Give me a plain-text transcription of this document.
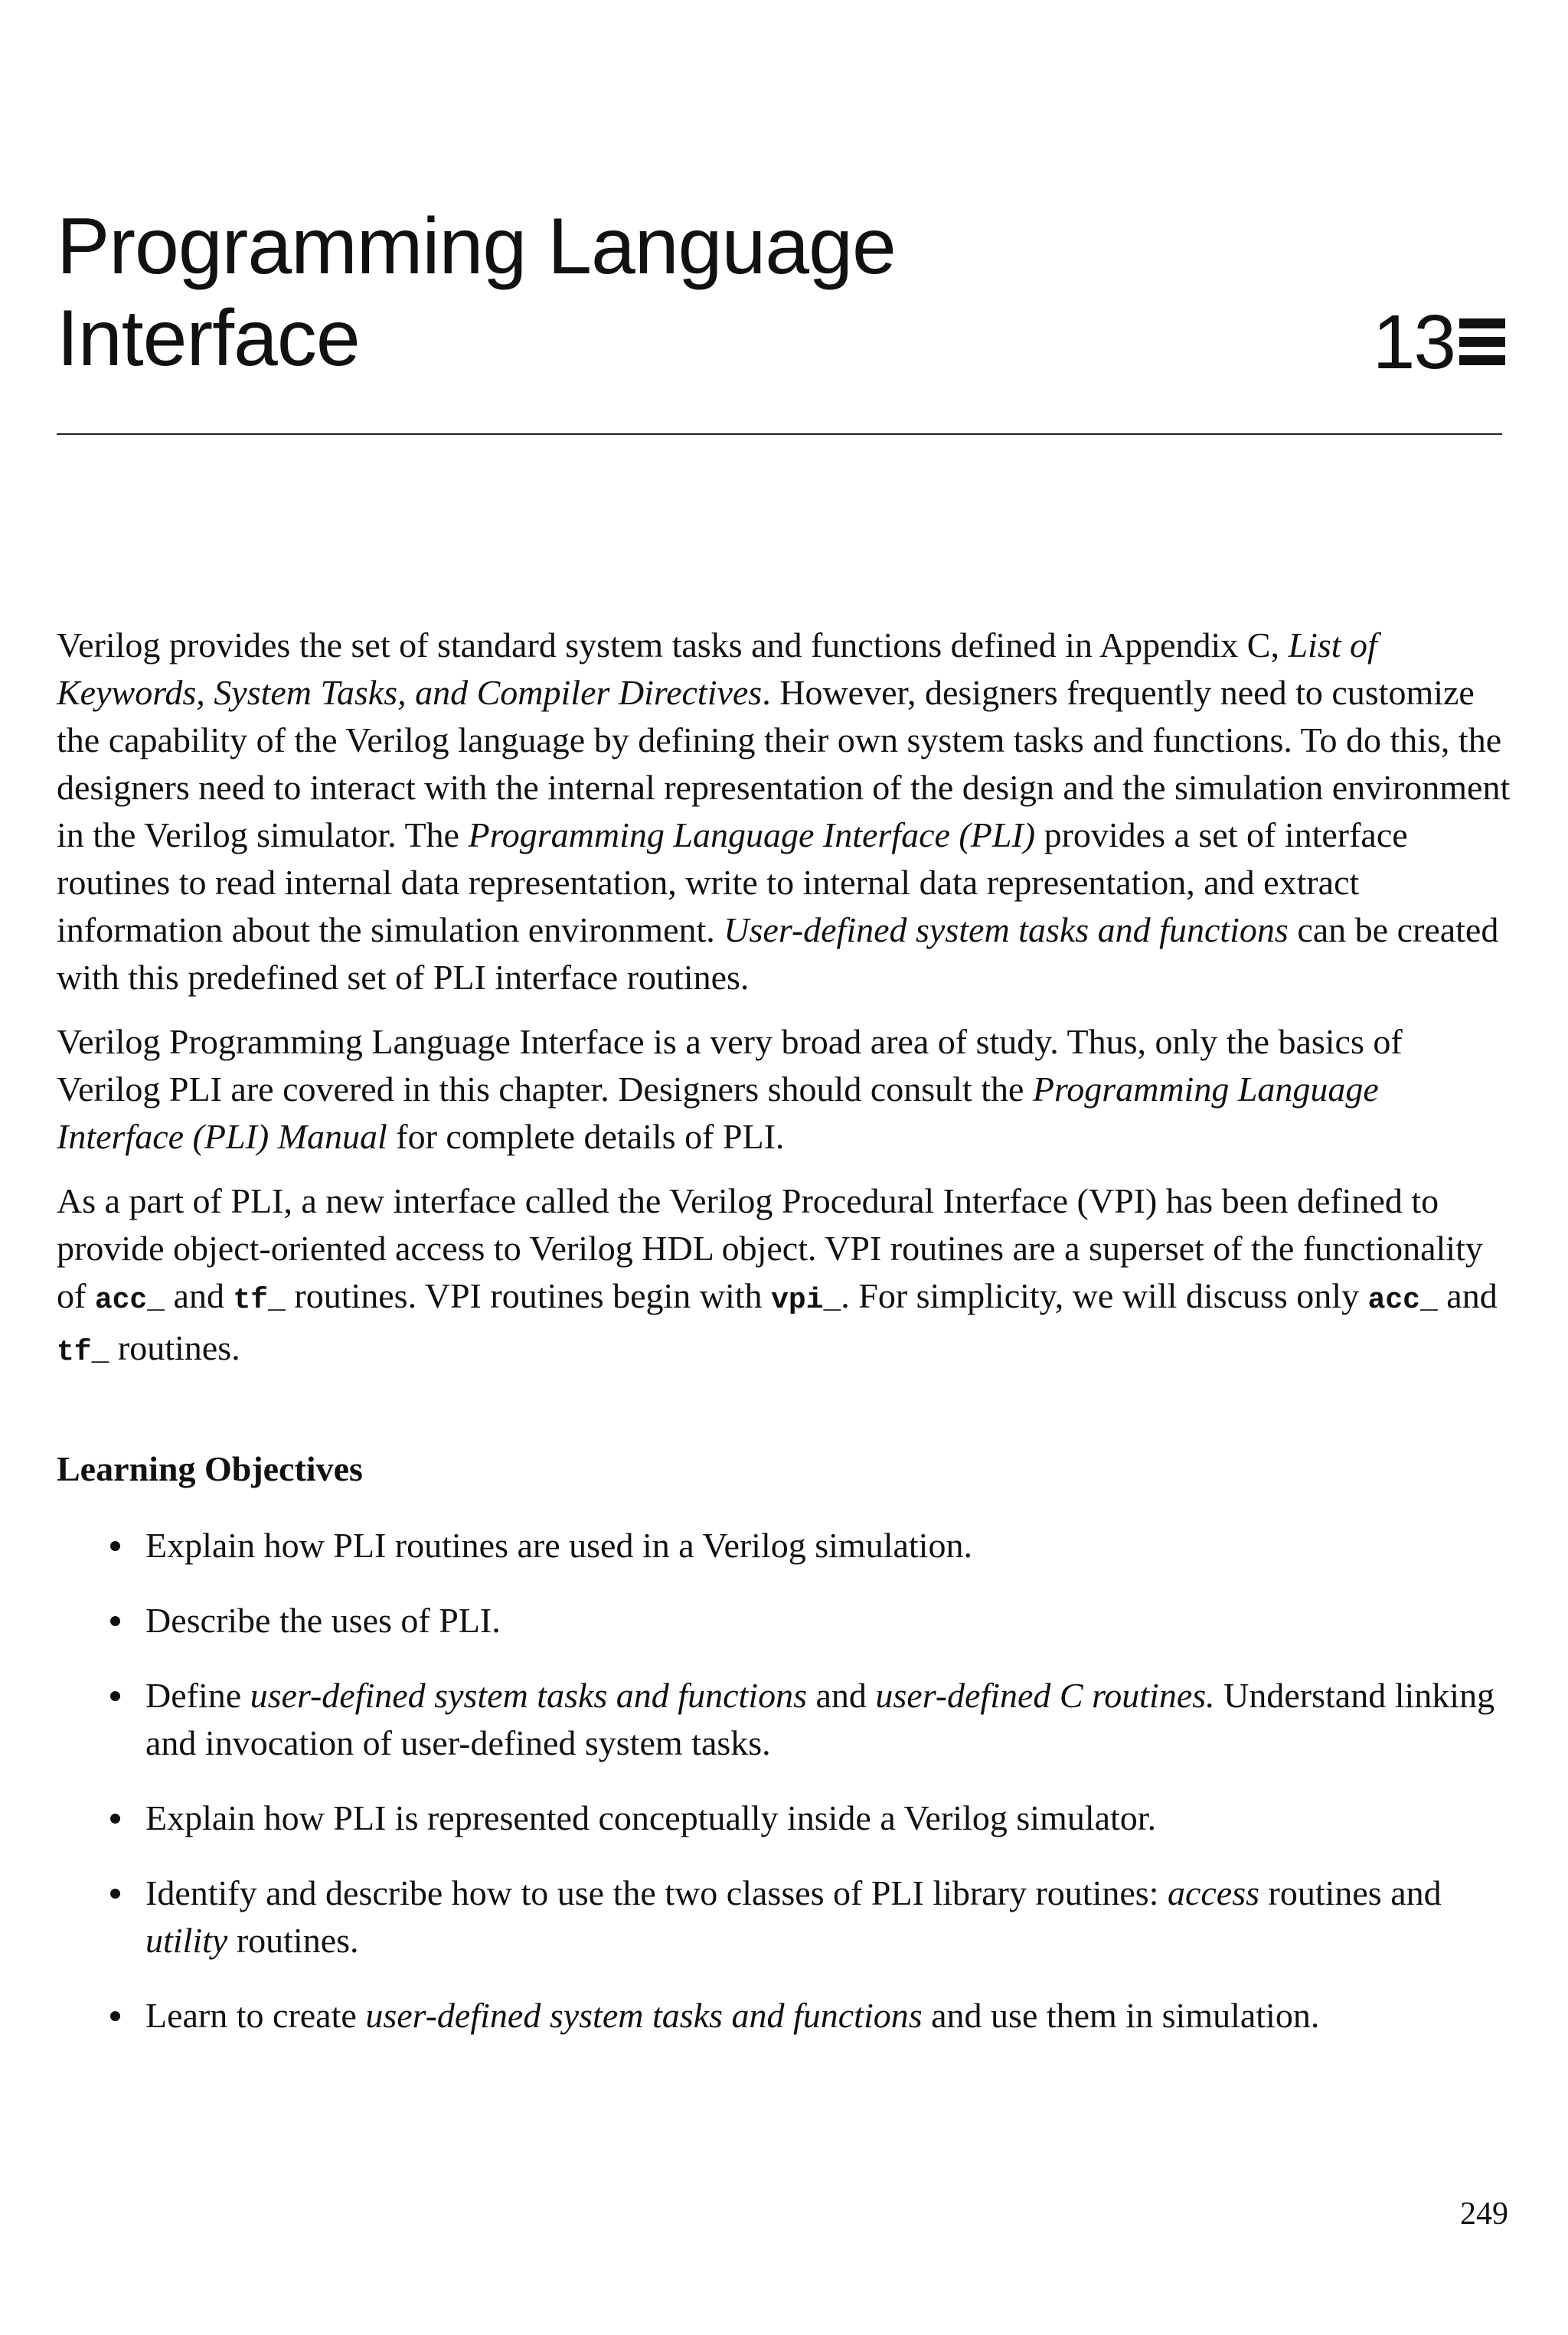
Programming Language
Interface	13

Verilog provides the set of standard system tasks and functions defined in Appendix C, List of Keywords, System Tasks, and Compiler Directives. However, designers frequently need to customize the capability of the Verilog language by defining their own system tasks and functions. To do this, the designers need to interact with the internal representation of the design and the simulation environment in the Verilog simulator. The Programming Language Interface (PLI) provides a set of interface routines to read internal data representation, write to internal data representation, and extract information about the simulation environment. User-defined system tasks and functions can be created with this predefined set of PLI interface routines.

Verilog Programming Language Interface is a very broad area of study. Thus, only the basics of Verilog PLI are covered in this chapter. Designers should consult the Programming Language Interface (PLI) Manual for complete details of PLI.

As a part of PLI, a new interface called the Verilog Procedural Interface (VPI) has been defined to provide object-oriented access to Verilog HDL object. VPI routines are a superset of the functionality of acc_ and tf_ routines. VPI routines begin with vpi_. For simplicity, we will discuss only acc_ and tf_ routines.

Learning Objectives
Explain how PLI routines are used in a Verilog simulation.
Describe the uses of PLI.
Define user-defined system tasks and functions and user-defined C routines. Understand linking and invocation of user-defined system tasks.
Explain how PLI is represented conceptually inside a Verilog simulator.
Identify and describe how to use the two classes of PLI library routines: access routines and utility routines.
Learn to create user-defined system tasks and functions and use them in simulation.
249
